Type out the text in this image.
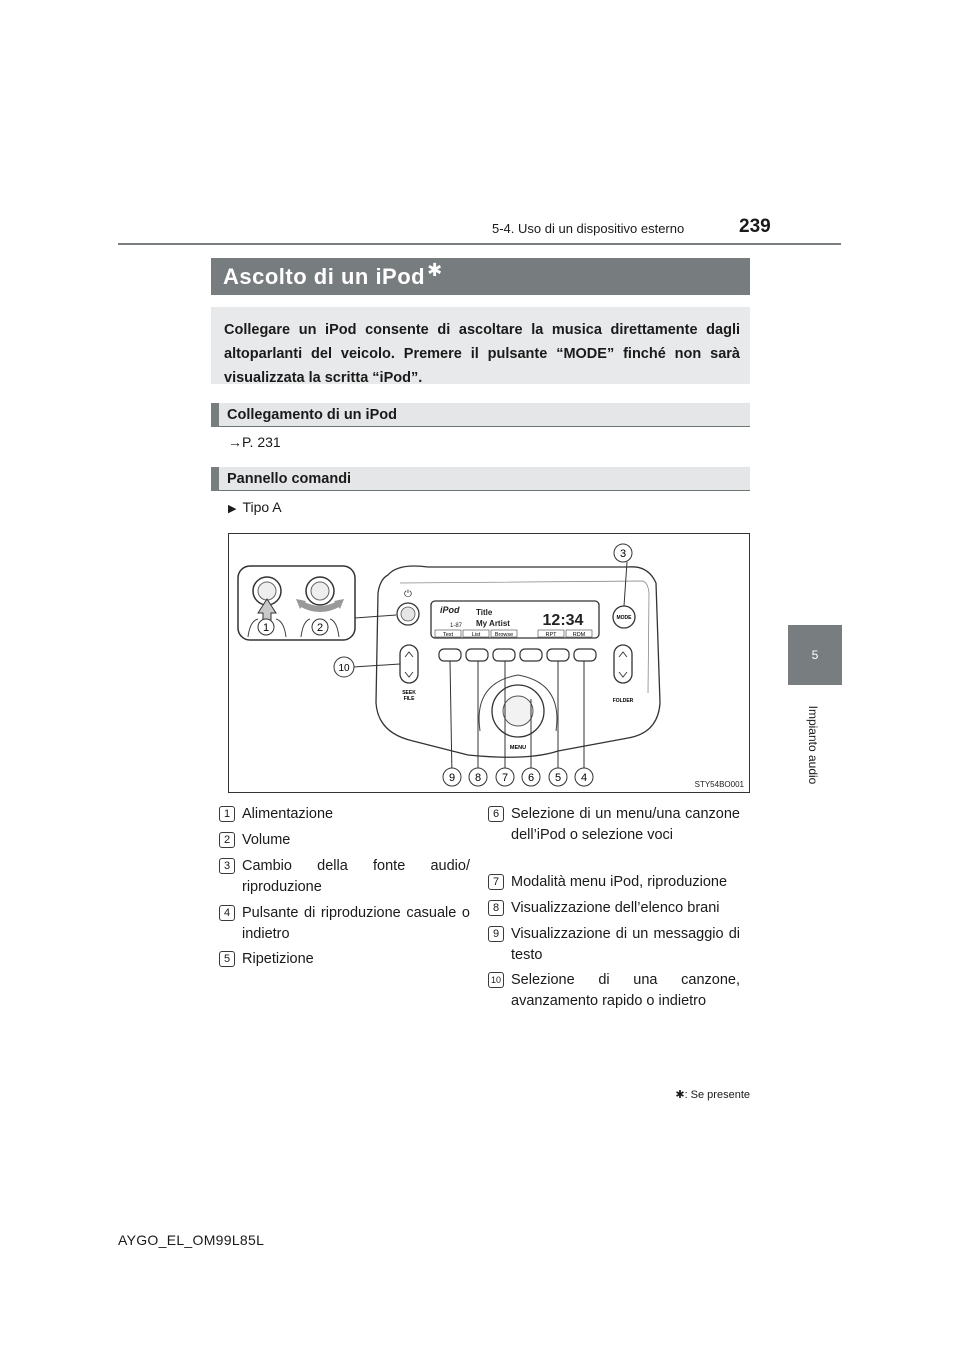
5-4. Uso di un dispositivo esterno	239
5
Impianto audio
Ascolto di un iPod ✱
Collegare un iPod consente di ascoltare la musica direttamente dagli altoparlanti del veicolo. Premere il pulsante “MODE” finché non sarà visualizzata la scritta “iPod”.
Collegamento di un iPod
→P. 231
Pannello comandi
▶ Tipo A
⏻
iPod Title
My Artist
1-87	12:34
Text	List	Browse	RPT	RDM
MODE
SEEK
FILE	FOLDER
MENU
1	2
3
4
5
6
7
8
9
10
STY54BO001
1 Alimentazione
2 Volume
3 Cambio della fonte audio/ riproduzione
4 Pulsante di riproduzione casuale o indietro
5 Ripetizione
6 Selezione di un menu/una canzone dell’iPod o selezione voci
7 Modalità menu iPod, riproduzione
8 Visualizzazione dell’elenco brani
9 Visualizzazione di un messaggio di testo
10 Selezione di una canzone, avanzamento rapido o indietro
✱: Se presente
AYGO_EL_OM99L85L
